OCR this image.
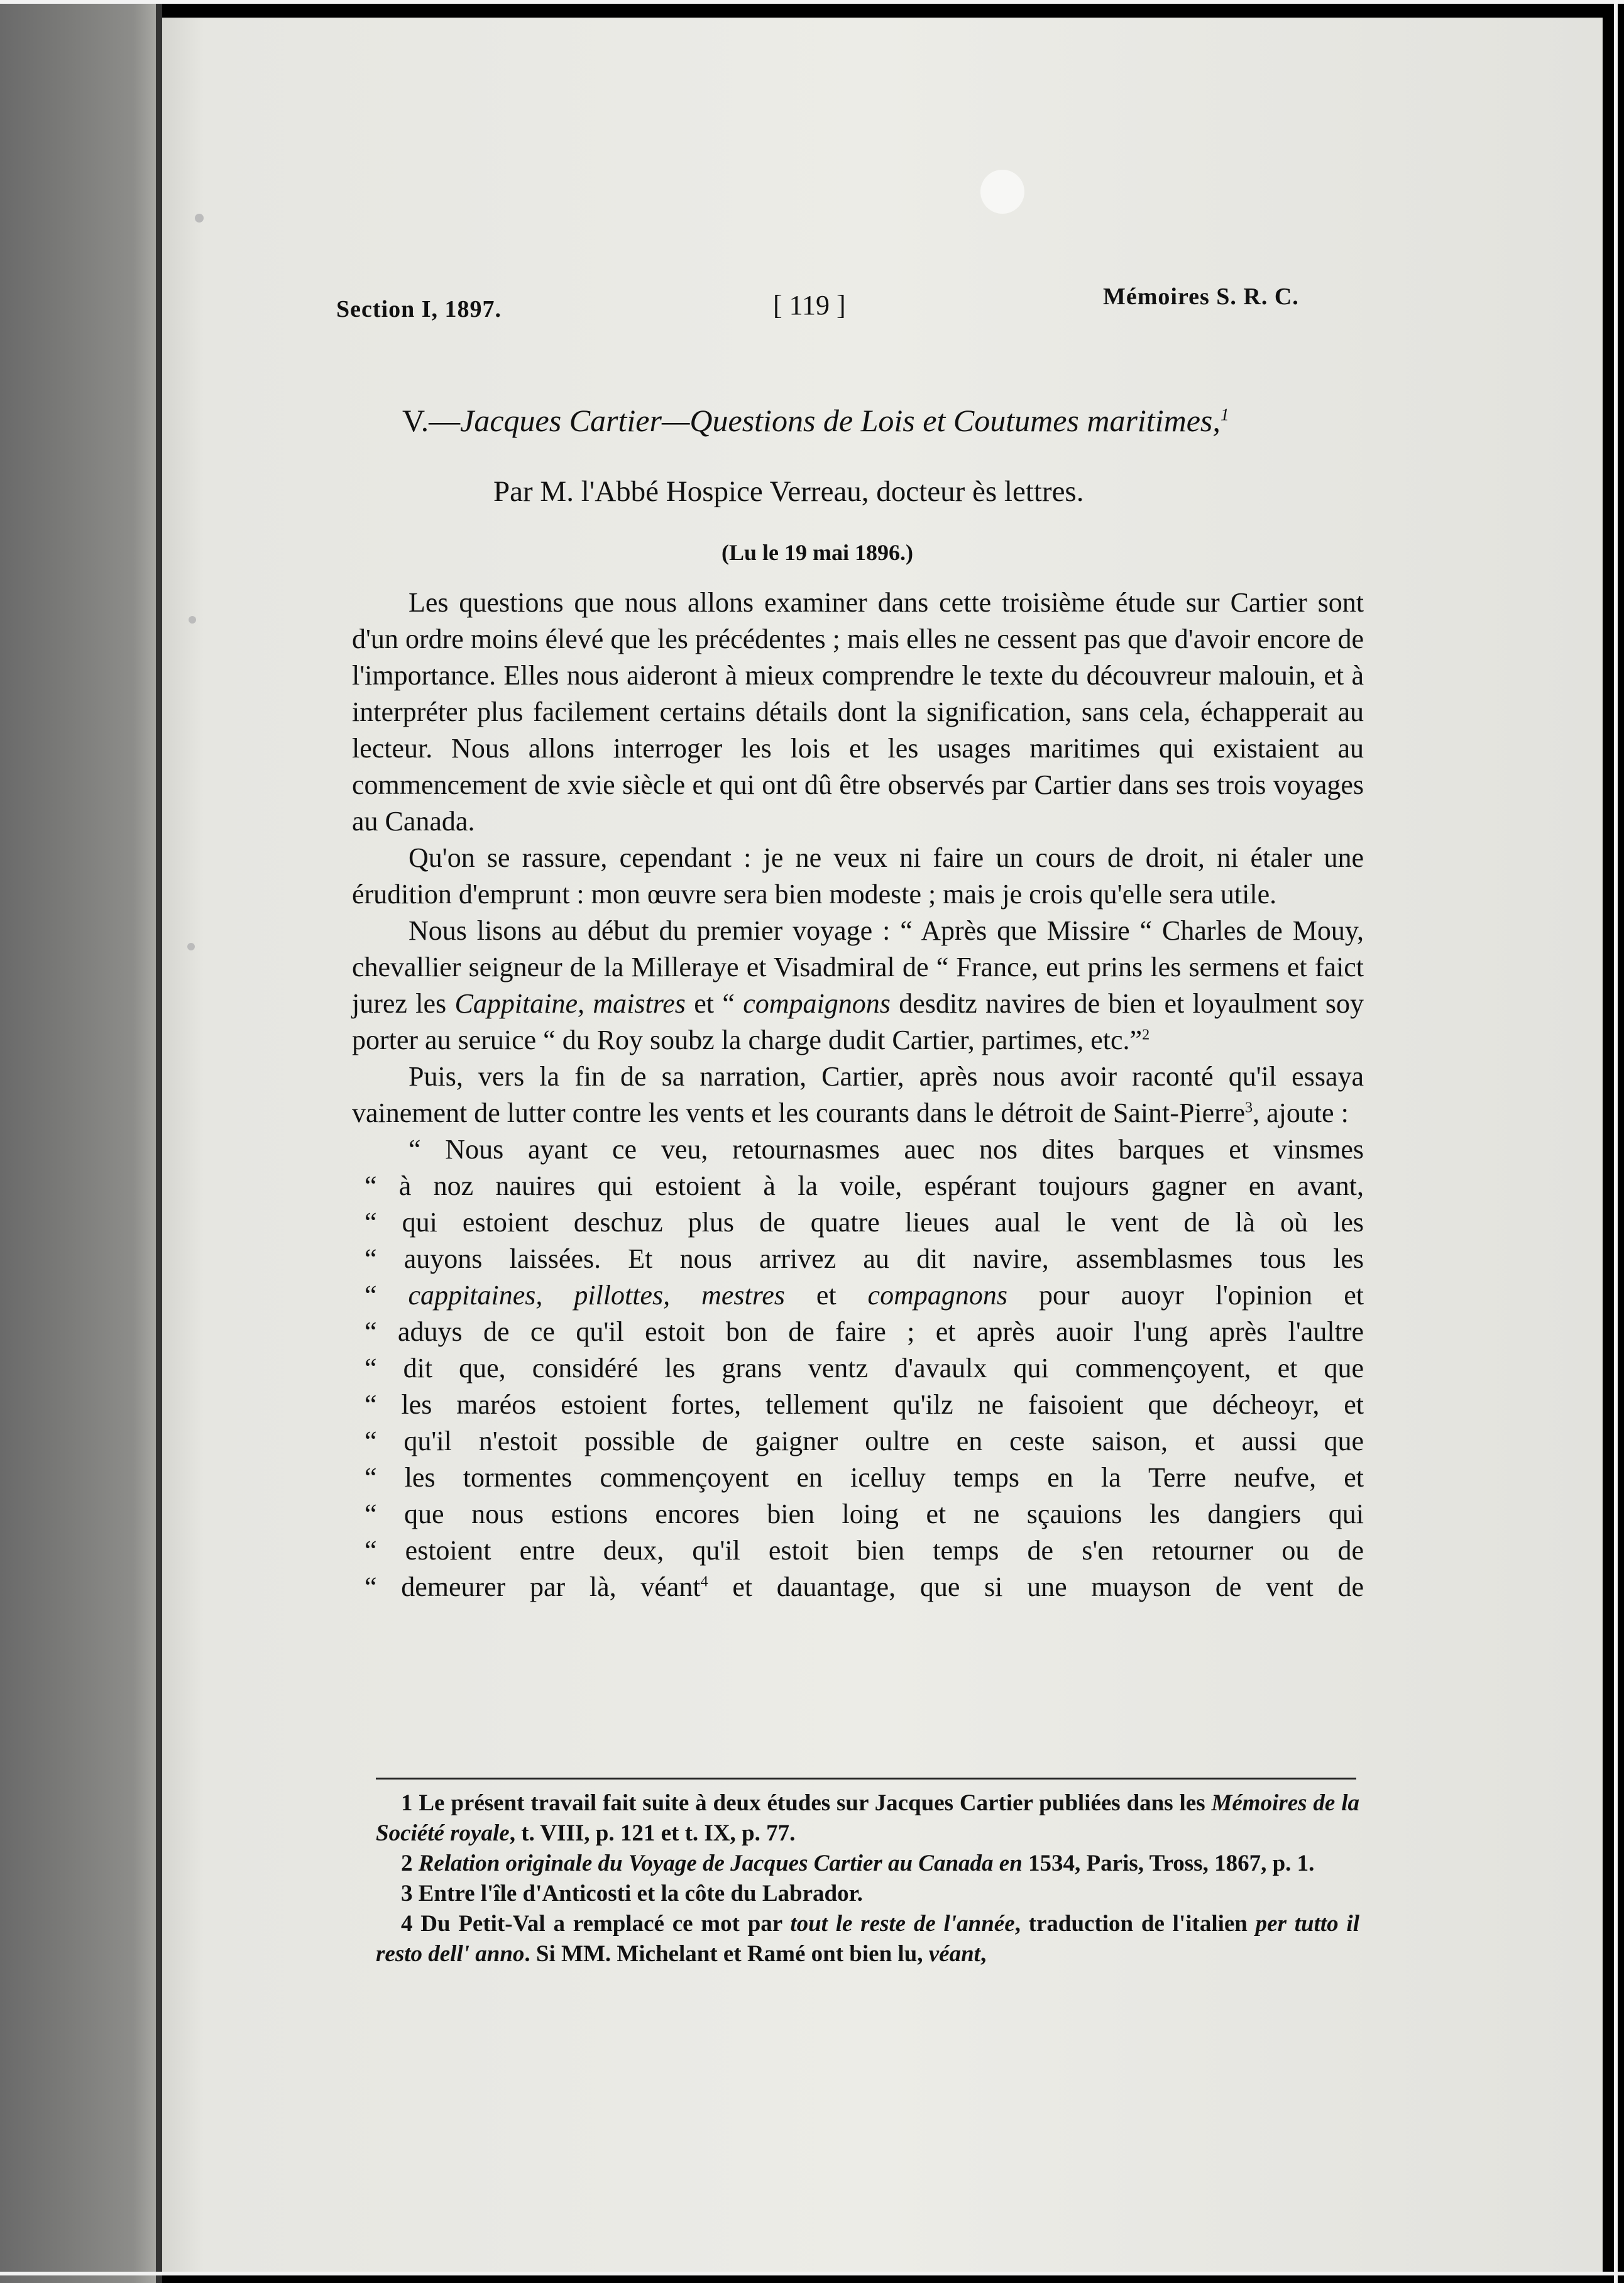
Section I, 1897.	[ 119 ]	Mémoires S. R. C.
V.—Jacques Cartier—Questions de Lois et Coutumes maritimes,$^1$
Par M. l'Abbé Hospice Verreau, docteur ès lettres.
(Lu le 19 mai 1896.)

Les questions que nous allons examiner dans cette troisième étude sur Cartier sont d'un ordre moins élevé que les précédentes ; mais elles ne cessent pas que d'avoir encore de l'importance. Elles nous aideront à mieux comprendre le texte du découvreur malouin, et à interpréter plus facilement certains détails dont la signification, sans cela, échapperait au lecteur. Nous allons interroger les lois et les usages maritimes qui existaient au commencement de xvie siècle et qui ont dû être observés par Cartier dans ses trois voyages au Canada.

Qu'on se rassure, cependant : je ne veux ni faire un cours de droit, ni étaler une érudition d'emprunt : mon œuvre sera bien modeste ; mais je crois qu'elle sera utile.

Nous lisons au début du premier voyage : “ Après que Missire “ Charles de Mouy, chevallier seigneur de la Milleraye et Visadmiral de “ France, eut prins les sermens et faict jurez les Cappitaine, maistres et “ compaignons desditz navires de bien et loyaulment soy porter au seruice “ du Roy soubz la charge dudit Cartier, partimes, etc.”$^2$

Puis, vers la fin de sa narration, Cartier, après nous avoir raconté qu'il essaya vainement de lutter contre les vents et les courants dans le détroit de Saint-Pierre$^3$, ajoute :

“ Nous ayant ce veu, retournasmes auec nos dites barques et vinsmes
“ à noz nauires qui estoient à la voile, espérant toujours gagner en avant,
“ qui estoient deschuz plus de quatre lieues aual le vent de là où les
“ auyons laissées. Et nous arrivez au dit navire, assemblasmes tous les
“ cappitaines, pillottes, mestres et compagnons pour auoyr l'opinion et
“ aduys de ce qu'il estoit bon de faire ; et après auoir l'ung après l'aultre
“ dit que, considéré les grans ventz d'avaulx qui commençoyent, et que
“ les maréos estoient fortes, tellement qu'ilz ne faisoient que décheoyr, et
“ qu'il n'estoit possible de gaigner oultre en ceste saison, et aussi que
“ les tormentes commençoyent en icelluy temps en la Terre neufve, et
“ que nous estions encores bien loing et ne sçauions les dangiers qui
“ estoient entre deux, qu'il estoit bien temps de s'en retourner ou de
“ demeurer par là, véant$^4$ et dauantage, que si une muayson de vent de

1 Le présent travail fait suite à deux études sur Jacques Cartier publiées dans les Mémoires de la Société royale, t. VIII, p. 121 et t. IX, p. 77.

2 Relation originale du Voyage de Jacques Cartier au Canada en 1534, Paris, Tross, 1867, p. 1.

3 Entre l'île d'Anticosti et la côte du Labrador.

4 Du Petit-Val a remplacé ce mot par tout le reste de l'année, traduction de l'italien per tutto il resto dell' anno. Si MM. Michelant et Ramé ont bien lu, véant,
